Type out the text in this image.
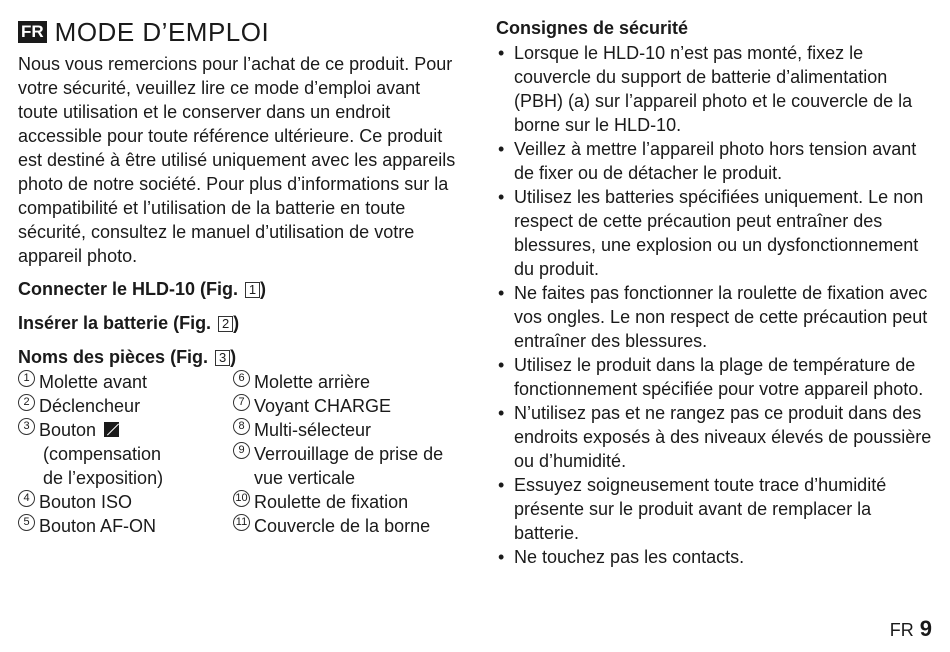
FR MODE D’EMPLOI

Nous vous remercions pour l’achat de ce produit. Pour votre sécurité, veuillez lire ce mode d’emploi avant toute utilisation et le conserver dans un endroit accessible pour toute référence ultérieure. Ce produit est destiné à être utilisé uniquement avec les appareils photo de notre société. Pour plus d’informations sur la compatibilité et l’utilisation de la batterie en toute sécurité, consultez le manuel d’utilisation de votre appareil photo.

Connecter le HLD-10 (Fig. 1 )
Insérer la batterie (Fig. 2 )
Noms des pièces (Fig. 3 )
1 Molette avant
2 Déclencheur
3 Bouton
(compensation
de l’exposition)
4 Bouton ISO
5 Bouton AF-ON
6 Molette arrière
7 Voyant CHARGE
8 Multi-sélecteur
9 Verrouillage de prise de vue verticale
10 Roulette de fixation
11 Couvercle de la borne
Consignes de sécurité
• Lorsque le HLD-10 n’est pas monté, fixez le couvercle du support de batterie d’alimentation (PBH) (a) sur l’appareil photo et le couvercle de la borne sur le HLD-10.
• Veillez à mettre l’appareil photo hors tension avant de fixer ou de détacher le produit.
• Utilisez les batteries spécifiées uniquement. Le non respect de cette précaution peut entraîner des blessures, une explosion ou un dysfonctionnement du produit.
• Ne faites pas fonctionner la roulette de fixation avec vos ongles. Le non respect de cette précaution peut entraîner des blessures.
• Utilisez le produit dans la plage de température de fonctionnement spécifiée pour votre appareil photo.
• N’utilisez pas et ne rangez pas ce produit dans des endroits exposés à des niveaux élevés de poussière ou d’humidité.
• Essuyez soigneusement toute trace d’humidité présente sur le produit avant de remplacer la batterie.
• Ne touchez pas les contacts.
FR 9
